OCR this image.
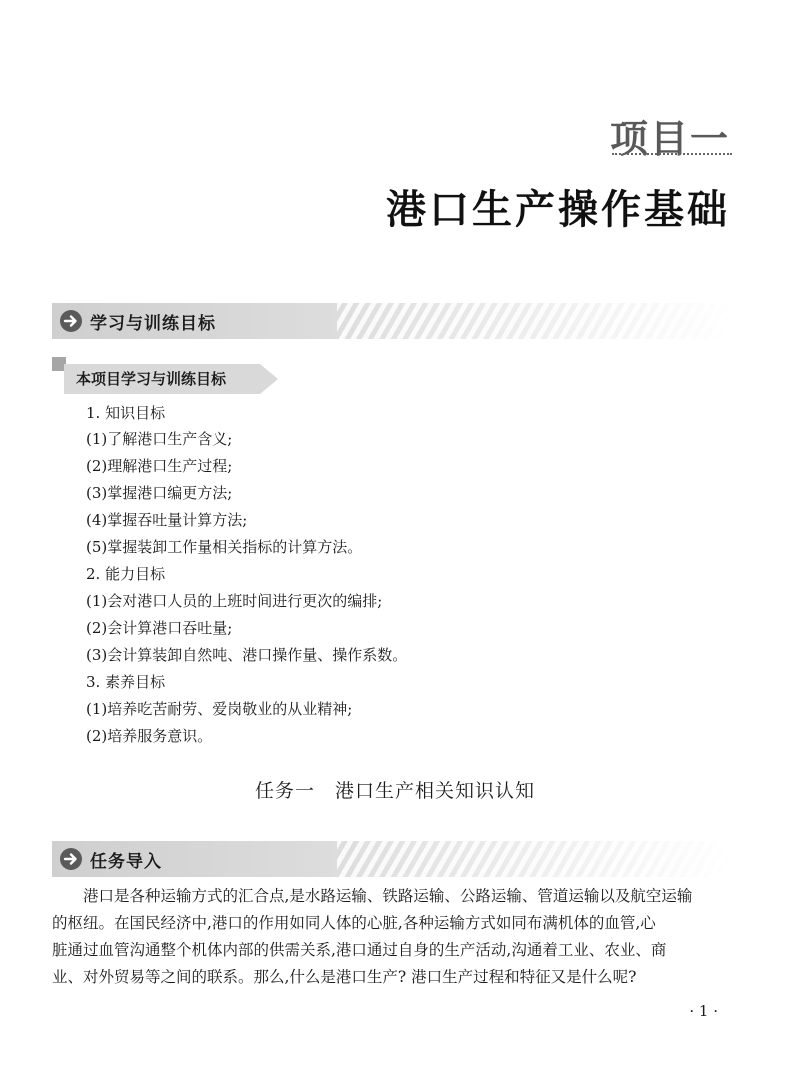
项目一
港口生产操作基础
学习与训练目标
本项目学习与训练目标
1. 知识目标
(1)了解港口生产含义;
(2)理解港口生产过程;
(3)掌握港口编更方法;
(4)掌握吞吐量计算方法;
(5)掌握装卸工作量相关指标的计算方法。
2. 能力目标
(1)会对港口人员的上班时间进行更次的编排;
(2)会计算港口吞吐量;
(3)会计算装卸自然吨、港口操作量、操作系数。
3. 素养目标
(1)培养吃苦耐劳、爱岗敬业的从业精神;
(2)培养服务意识。
任务一　港口生产相关知识认知
任务导入
　　港口是各种运输方式的汇合点,是水路运输、铁路运输、公路运输、管道运输以及航空运输
的枢纽。在国民经济中,港口的作用如同人体的心脏,各种运输方式如同布满机体的血管,心
脏通过血管沟通整个机体内部的供需关系,港口通过自身的生产活动,沟通着工业、农业、商
业、对外贸易等之间的联系。那么,什么是港口生产? 港口生产过程和特征又是什么呢?
· 1 ·
